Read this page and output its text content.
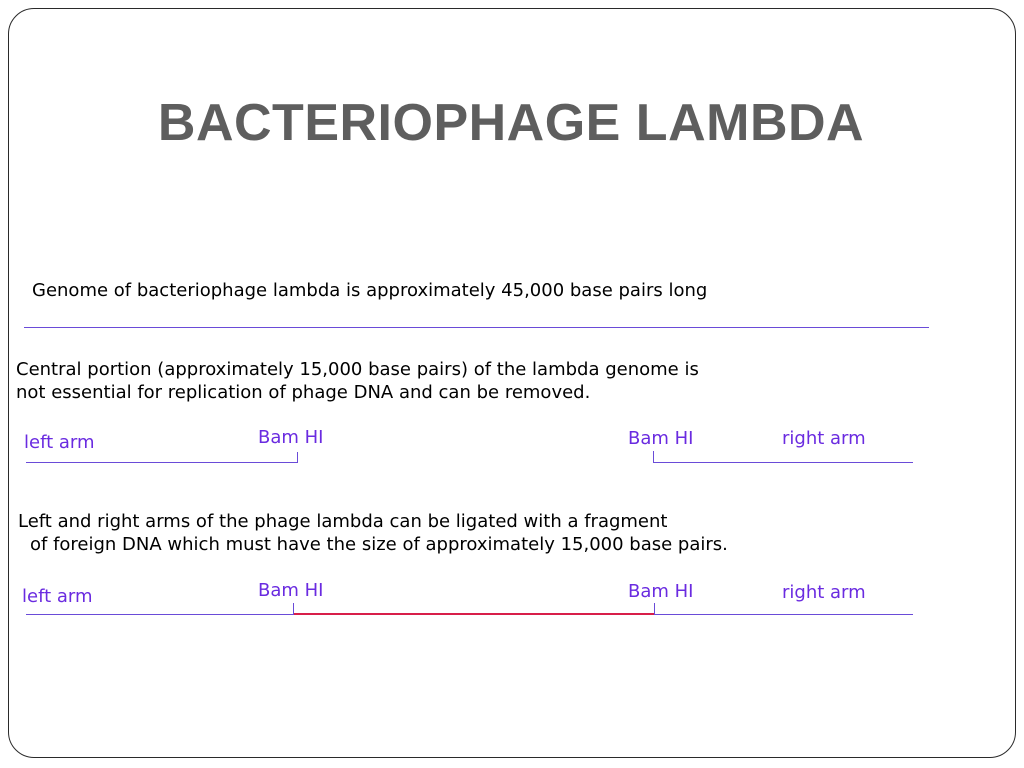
BACTERIOPHAGE LAMBDA
Genome of bacteriophage lambda is approximately 45,000 base pairs long
Central portion (approximately 15,000 base pairs) of the lambda genome is
not essential for replication of phage DNA and can be removed.
left arm	Bam HI	Bam HI	right arm
Left and right arms of the phage lambda can be ligated with a fragment
of foreign DNA which must have the size of approximately 15,000 base pairs.
left arm	Bam HI	Bam HI	right arm
